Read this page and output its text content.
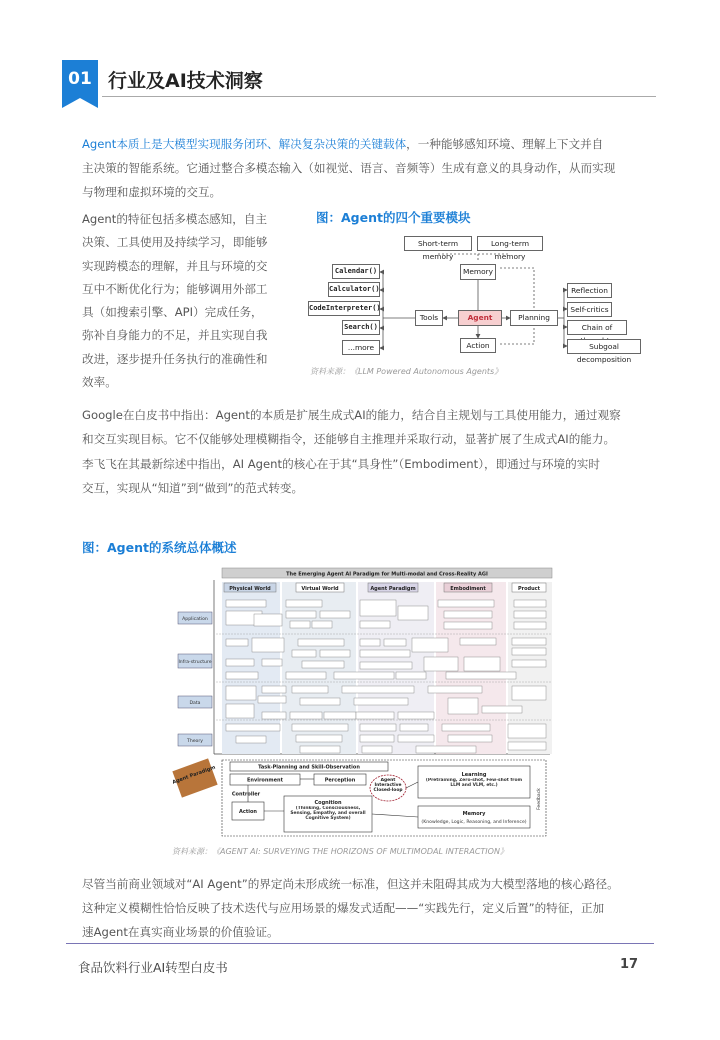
01 行业及AI技术洞察
Agent本质上是大模型实现服务闭环、解决复杂决策的关键载体，一种能够感知环境、理解上下文并自
主决策的智能系统。它通过整合多模态输入（如视觉、语言、音频等）生成有意义的具身动作，从而实现
与物理和虚拟环境的交互。
Agent的特征包括多模态感知，自主
决策、工具使用及持续学习，即能够
实现跨模态的理解，并且与环境的交
互中不断优化行为；能够调用外部工
具（如搜索引擎、API）完成任务，
弥补自身能力的不足，并且实现自我
改进，逐步提升任务执行的准确性和
效率。
图：Agent的四个重要模块
Short-term memory
Long-term memory
Memory
Calendar()
Calculator()
CodeInterpreter()
Search()
...more
Tools	Agent	Planning
Action
Reflection
Self-critics
Chain of
Subgoal decomposition
资料来源：《LLM Powered Autonomous Agents》
Google在白皮书中指出：Agent的本质是扩展生成式AI的能力，结合自主规划与工具使用能力，通过观察
和交互实现目标。它不仅能够处理模糊指令，还能够自主推理并采取行动，显著扩展了生成式AI的能力。
李飞飞在其最新综述中指出，AI Agent的核心在于其“具身性”（Embodiment），即通过与环境的实时
交互，实现从“知道”到“做到”的范式转变。
图：Agent的系统总体概述
The Emerging Agent AI Paradigm for Multi-modal and Cross-Reality AGI
Physical World	Virtual World	Agent Paradigm	Embodiment	Product
Application
Infra-structure
Data
Theory
Agent Paradigm	Task-Planning and Skill-Observation
Environment	Perception
Controller
Action
Cognition
(Thinking, Consciousness, Sensing, Empathy, and overall Cognitive System)
Agent Interactive Closed-loop
Learning
(Pretraining, Zero-shot, Few-shot from LLM and VLM, etc.)
Memory
(Knowledge, Logic, Reasoning, and Inference)
Feedback
资料来源：《AGENT AI: SURVEYING THE HORIZONS OF MULTIMODAL INTERACTION》
尽管当前商业领域对“AI Agent”的界定尚未形成统一标准，但这并未阻碍其成为大模型落地的核心路径。
这种定义模糊性恰恰反映了技术迭代与应用场景的爆发式适配——“实践先行，定义后置”的特征，正加
速Agent在真实商业场景的价值验证。
食品饮料行业AI转型白皮书	17
